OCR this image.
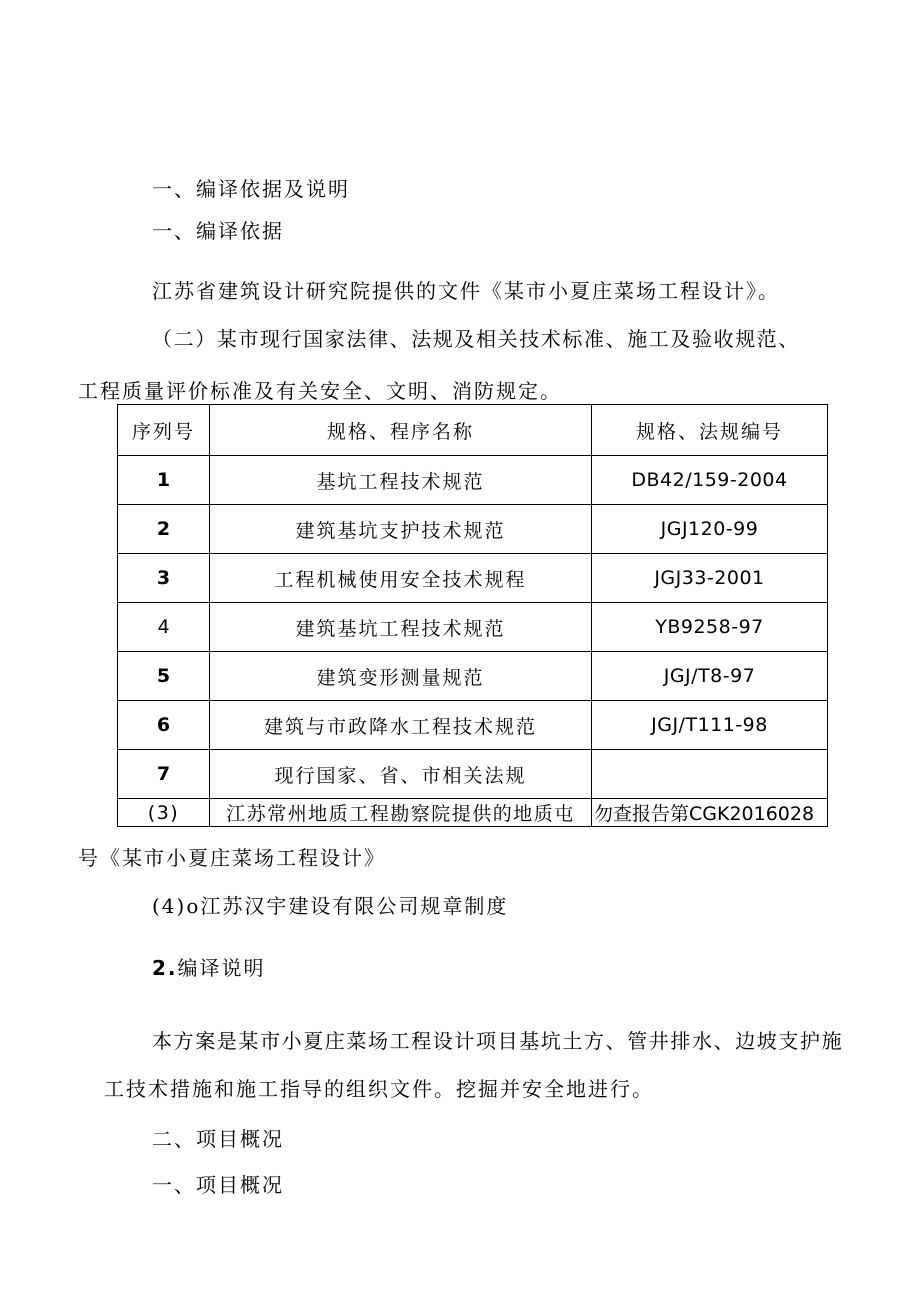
一、编译依据及说明

一、编译依据

江苏省建筑设计研究院提供的文件《某市小夏庄菜场工程设计》。

（二）某市现行国家法律、法规及相关技术标准、施工及验收规范、

工程质量评价标准及有关安全、文明、消防规定。

序列号	规格、程序名称	规格、法规编号
1	基坑工程技术规范	DB42/159-2004
2	建筑基坑支护技术规范	JGJ120-99
3	工程机械使用安全技术规程	JGJ33-2001
4	建筑基坑工程技术规范	YB9258-97
5	建筑变形测量规范	JGJ/T8-97
6	建筑与市政降水工程技术规范	JGJ/T111-98
7	现行国家、省、市相关法规	
(3)	江苏常州地质工程勘察院提供的地质屯	勿查报告第CGK2016028

号《某市小夏庄菜场工程设计》

(4)o江苏汉宇建设有限公司规章制度

2.编译说明

本方案是某市小夏庄菜场工程设计项目基坑土方、管井排水、边坡支护施

工技术措施和施工指导的组织文件。挖掘并安全地进行。

二、项目概况

一、项目概况
